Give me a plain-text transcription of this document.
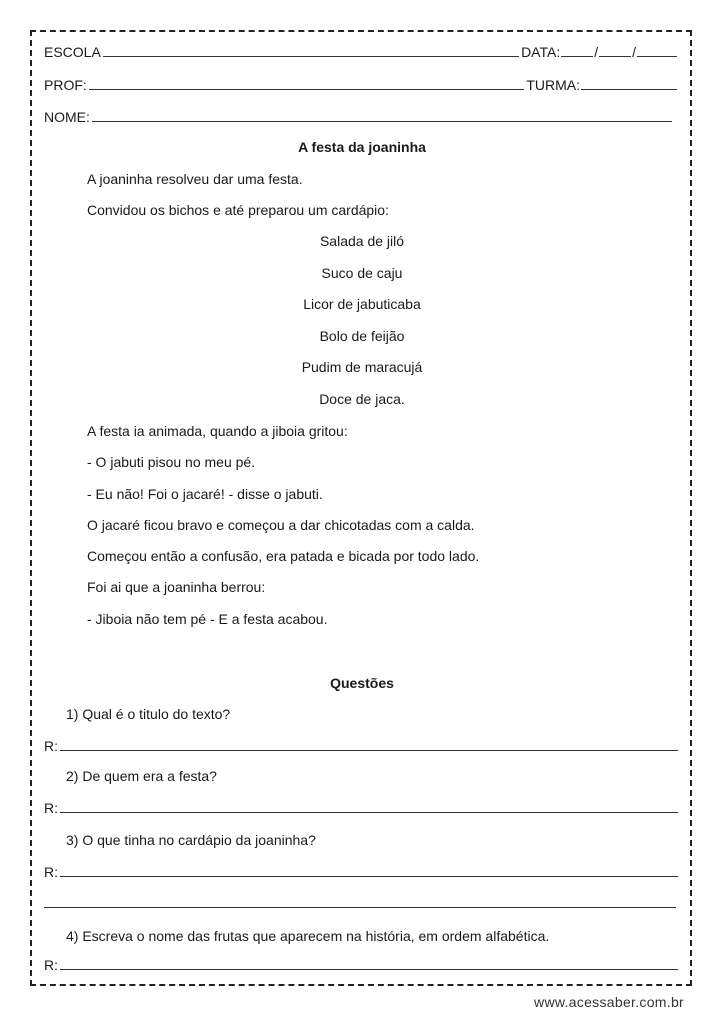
ESCOLA	DATA: / /
PROF:	TURMA:
NOME:
A festa da joaninha
A joaninha resolveu dar uma festa.
Convidou os bichos e até preparou um cardápio:
Salada de jiló
Suco de caju
Licor de jabuticaba
Bolo de feijão
Pudim de maracujá
Doce de jaca.
A festa ia animada, quando a jiboia gritou:
- O jabuti pisou no meu pé.
- Eu não! Foi o jacaré! - disse o jabuti.
O jacaré ficou bravo e começou a dar chicotadas com a calda.
Começou então a confusão, era patada e bicada por todo lado.
Foi ai que a joaninha berrou:
- Jiboia não tem pé - E a festa acabou.
Questões
1) Qual é o titulo do texto?
R:
2) De quem era a festa?
R:
3) O que tinha no cardápio da joaninha?
R:
4) Escreva o nome das frutas que aparecem na história, em ordem alfabética.
R:
www.acessaber.com.br
